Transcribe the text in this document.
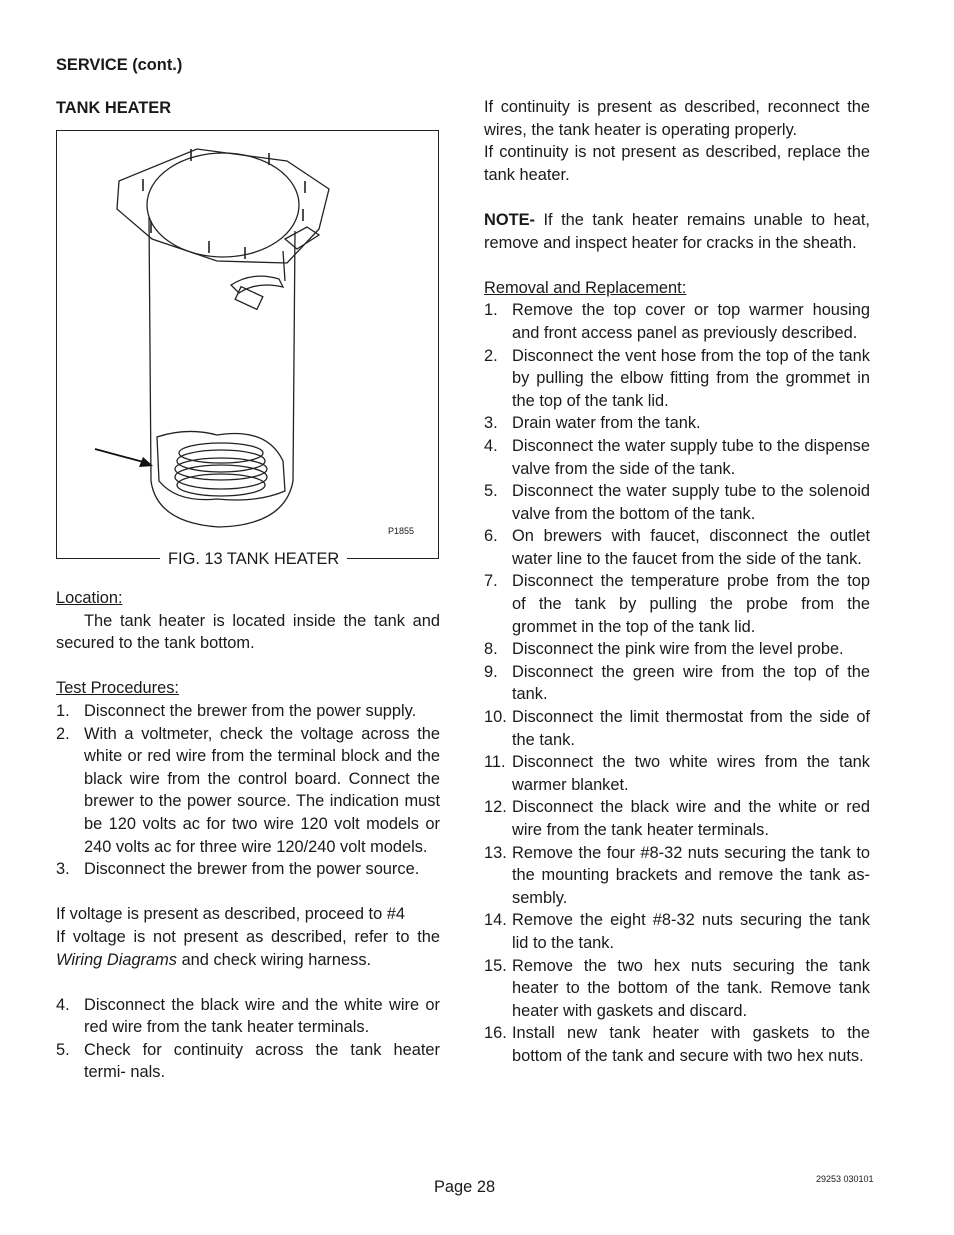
SERVICE (cont.)
TANK HEATER
P1855
FIG. 13 TANK HEATER
Location:
The tank heater is located inside the tank and secured to the tank bottom.
Test Procedures:
1. Disconnect the brewer from the power supply.
2. With a voltmeter, check the voltage across the white or red wire from the terminal block and the black wire from the control board. Connect the brewer to the power source. The indication must be 120 volts ac for two wire 120 volt models or 240 volts ac for three wire 120/240 volt models.
3. Disconnect the brewer from the power source.
If voltage is present as described, proceed to #4
If voltage is not present as described, refer to the Wiring Diagrams and check wiring harness.
4. Disconnect the black wire and the white wire or red wire from the tank heater terminals.
5. Check for continuity across the tank heater termi- nals.
If continuity is present as described, reconnect the wires, the tank heater is operating properly.
If continuity is not present as described, replace the tank heater.
NOTE- If the tank heater remains unable to heat, remove and inspect heater for cracks in the sheath.
Removal and Replacement:
1. Remove the top cover or top warmer housing and front access panel as previously described.
2. Disconnect the vent hose from the top of the tank by pulling the elbow fitting from the grommet in the top of the tank lid.
3. Drain water from the tank.
4. Disconnect the water supply tube to the dispense valve from the side of the tank.
5. Disconnect the water supply tube to the solenoid valve from the bottom of the tank.
6. On brewers with faucet, disconnect the outlet water line to the faucet from the side of the tank.
7. Disconnect the temperature probe from the top of the tank by pulling the probe from the grommet in the top of the tank lid.
8. Disconnect the pink wire from the level probe.
9. Disconnect the green wire from the top of the tank.
10. Disconnect the limit thermostat from the side of the tank.
11. Disconnect the two white wires from the tank warmer blanket.
12. Disconnect the black wire and the white or red wire from the tank heater terminals.
13. Remove the four #8-32 nuts securing the tank to the mounting brackets and remove the tank as- sembly.
14. Remove the eight #8-32 nuts securing the tank lid to the tank.
15. Remove the two hex nuts securing the tank heater to the bottom of the tank. Remove tank heater with gaskets and discard.
16. Install new tank heater with gaskets to the bottom of the tank and secure with two hex nuts.
Page 28	29253 030101
